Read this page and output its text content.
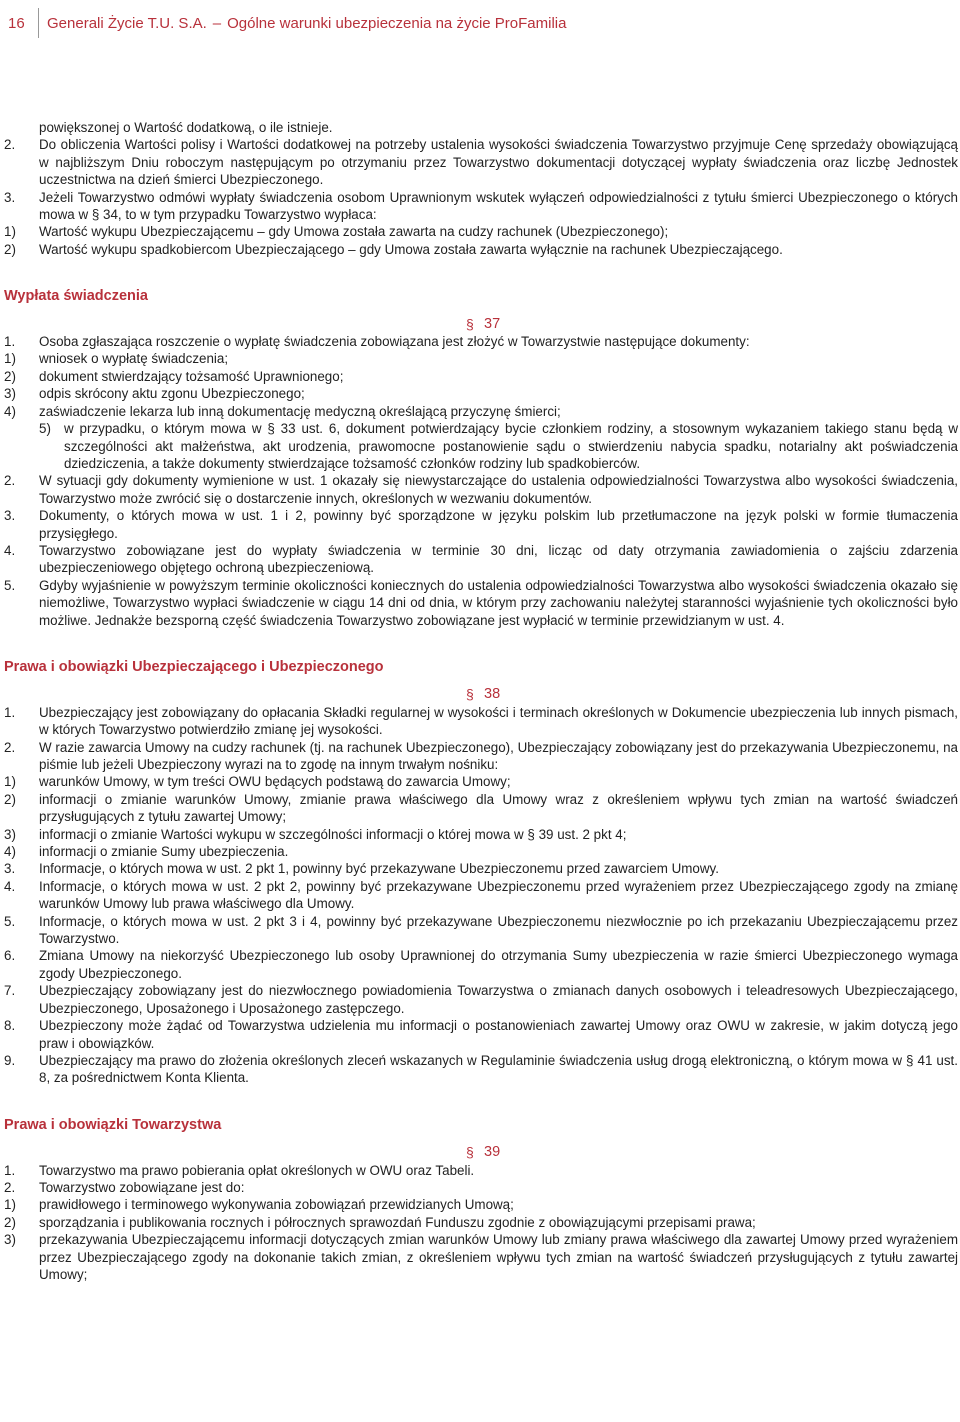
16	Generali Życie T.U. S.A. – Ogólne warunki ubezpieczenia na życie ProFamilia
powiększonej o Wartość dodatkową, o ile istnieje.
2. Do obliczenia Wartości polisy i Wartości dodatkowej na potrzeby ustalenia wysokości świadczenia Towarzystwo przyjmuje Cenę sprzedaży obowiązującą w najbliższym Dniu roboczym następującym po otrzymaniu przez Towarzystwo dokumentacji dotyczącej wypłaty świadczenia oraz liczbę Jednostek uczestnictwa na dzień śmierci Ubezpieczonego.
3. Jeżeli Towarzystwo odmówi wypłaty świadczenia osobom Uprawnionym wskutek wyłączeń odpowiedzialności z tytułu śmierci Ubezpieczonego o których mowa w § 34, to w tym przypadku Towarzystwo wypłaca:
1) Wartość wykupu Ubezpieczającemu – gdy Umowa została zawarta na cudzy rachunek (Ubezpieczonego);
2) Wartość wykupu spadkobiercom Ubezpieczającego – gdy Umowa została zawarta wyłącznie na rachunek Ubezpieczającego.
Wypłata świadczenia
§ 37
1. Osoba zgłaszająca roszczenie o wypłatę świadczenia zobowiązana jest złożyć w Towarzystwie następujące dokumenty:
1) wniosek o wypłatę świadczenia;
2) dokument stwierdzający tożsamość Uprawnionego;
3) odpis skrócony aktu zgonu Ubezpieczonego;
4) zaświadczenie lekarza lub inną dokumentację medyczną określającą przyczynę śmierci;
5) w przypadku, o którym mowa w § 33 ust. 6, dokument potwierdzający bycie członkiem rodziny, a stosownym wykazaniem takiego stanu będą w szczególności akt małżeństwa, akt urodzenia, prawomocne postanowienie sądu o stwierdzeniu nabycia spadku, notarialny akt poświadczenia dziedziczenia, a także dokumenty stwierdzające tożsamość członków rodziny lub spadkobierców.
2. W sytuacji gdy dokumenty wymienione w ust. 1 okazały się niewystarczające do ustalenia odpowiedzialności Towarzystwa albo wysokości świadczenia, Towarzystwo może zwrócić się o dostarczenie innych, określonych w wezwaniu dokumentów.
3. Dokumenty, o których mowa w ust. 1 i 2, powinny być sporządzone w języku polskim lub przetłumaczone na język polski w formie tłumaczenia przysięgłego.
4. Towarzystwo zobowiązane jest do wypłaty świadczenia w terminie 30 dni, licząc od daty otrzymania zawiadomienia o zajściu zdarzenia ubezpieczeniowego objętego ochroną ubezpieczeniową.
5. Gdyby wyjaśnienie w powyższym terminie okoliczności koniecznych do ustalenia odpowiedzialności Towarzystwa albo wysokości świadczenia okazało się niemożliwe, Towarzystwo wypłaci świadczenie w ciągu 14 dni od dnia, w którym przy zachowaniu należytej staranności wyjaśnienie tych okoliczności było możliwe. Jednakże bezsporną część świadczenia Towarzystwo zobowiązane jest wypłacić w terminie przewidzianym w ust. 4.
Prawa i obowiązki Ubezpieczającego i Ubezpieczonego
§ 38
1. Ubezpieczający jest zobowiązany do opłacania Składki regularnej w wysokości i terminach określonych w Dokumencie ubezpieczenia lub innych pismach, w których Towarzystwo potwierdziło zmianę jej wysokości.
2. W razie zawarcia Umowy na cudzy rachunek (tj. na rachunek Ubezpieczonego), Ubezpieczający zobowiązany jest do przekazywania Ubezpieczonemu, na piśmie lub jeżeli Ubezpieczony wyrazi na to zgodę na innym trwałym nośniku:
1) warunków Umowy, w tym treści OWU będących podstawą do zawarcia Umowy;
2) informacji o zmianie warunków Umowy, zmianie prawa właściwego dla Umowy wraz z określeniem wpływu tych zmian na wartość świadczeń przysługujących z tytułu zawartej Umowy;
3) informacji o zmianie Wartości wykupu w szczególności informacji o której mowa w § 39 ust. 2 pkt 4;
4) informacji o zmianie Sumy ubezpieczenia.
3. Informacje, o których mowa w ust. 2 pkt 1, powinny być przekazywane Ubezpieczonemu przed zawarciem Umowy.
4. Informacje, o których mowa w ust. 2 pkt 2, powinny być przekazywane Ubezpieczonemu przed wyrażeniem przez Ubezpieczającego zgody na zmianę warunków Umowy lub prawa właściwego dla Umowy.
5. Informacje, o których mowa w ust. 2 pkt 3 i 4, powinny być przekazywane Ubezpieczonemu niezwłocznie po ich przekazaniu Ubezpieczającemu przez Towarzystwo.
6. Zmiana Umowy na niekorzyść Ubezpieczonego lub osoby Uprawnionej do otrzymania Sumy ubezpieczenia w razie śmierci Ubezpieczonego wymaga zgody Ubezpieczonego.
7. Ubezpieczający zobowiązany jest do niezwłocznego powiadomienia Towarzystwa o zmianach danych osobowych i teleadresowych Ubezpieczającego, Ubezpieczonego, Uposażonego i Uposażonego zastępczego.
8. Ubezpieczony może żądać od Towarzystwa udzielenia mu informacji o postanowieniach zawartej Umowy oraz OWU w zakresie, w jakim dotyczą jego praw i obowiązków.
9. Ubezpieczający ma prawo do złożenia określonych zleceń wskazanych w Regulaminie świadczenia usług drogą elektroniczną, o którym mowa w § 41 ust. 8, za pośrednictwem Konta Klienta.
Prawa i obowiązki Towarzystwa
§ 39
1. Towarzystwo ma prawo pobierania opłat określonych w OWU oraz Tabeli.
2. Towarzystwo zobowiązane jest do:
1) prawidłowego i terminowego wykonywania zobowiązań przewidzianych Umową;
2) sporządzania i publikowania rocznych i półrocznych sprawozdań Funduszu zgodnie z obowiązującymi przepisami prawa;
3) przekazywania Ubezpieczającemu informacji dotyczących zmian warunków Umowy lub zmiany prawa właściwego dla zawartej Umowy przed wyrażeniem przez Ubezpieczającego zgody na dokonanie takich zmian, z określeniem wpływu tych zmian na wartość świadczeń przysługujących z tytułu zawartej Umowy;
